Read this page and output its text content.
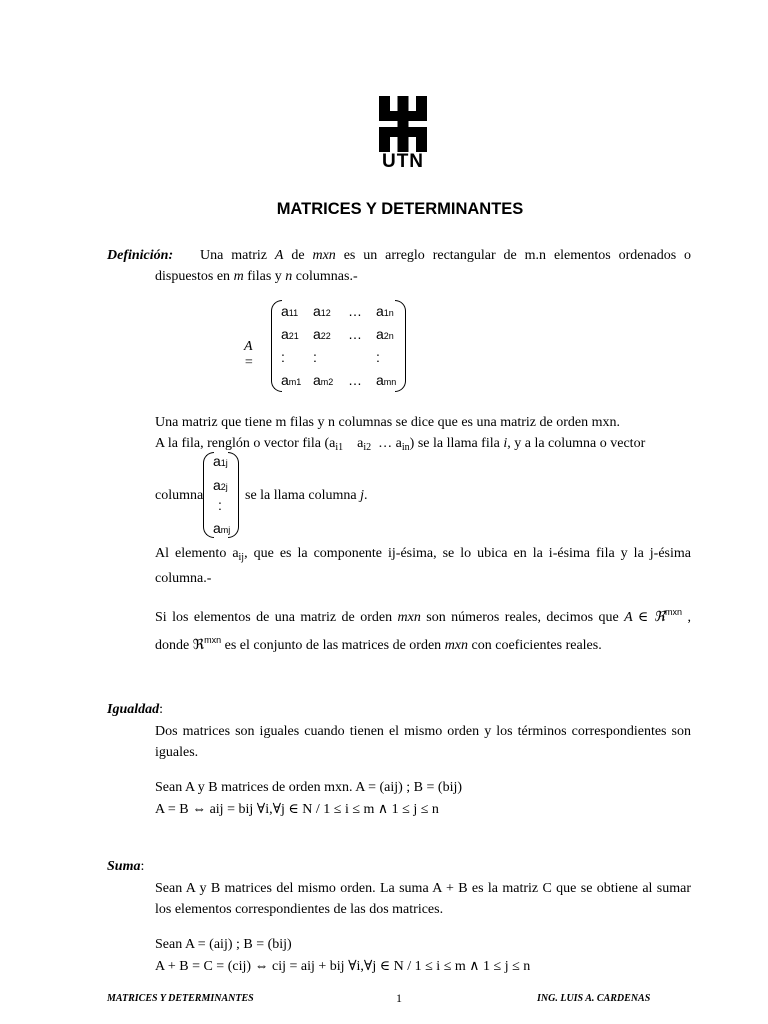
UTN
MATRICES Y DETERMINANTES
Definición:	Una matriz A de mxn es un arreglo rectangular de m.n elementos ordenados o dispuestos en m filas y n columnas.-
A =
a11 a12 … a1n
a21 a22 … a2n
: :	:
am1 am2 … amn
Una matriz que tiene m filas y n columnas se dice que es una matriz de orden mxn.
A la fila, renglón o vector fila ($a_{i1}$    $a_{i2}$ … $a_{in}$) se la llama fila i, y a la columna o vector
columna
a1j
a2j
:
amj
se la llama columna j.
Al elemento $a_{ij}$, que es la componente ij-ésima, se lo ubica en la i-ésima fila y la j-ésima columna.-
Si los elementos de una matriz de orden mxn son números reales, decimos que A ∈ ℜ$^{mxn}$ , donde ℜ$^{mxn}$ es el conjunto de las matrices de orden mxn con coeficientes reales.
Igualdad:
Dos matrices son iguales cuando tienen el mismo orden y los términos correspondientes son iguales.
Sean A y B matrices de orden mxn. A = (aij) ; B = (bij)
A = B ⇔ aij = bij ∀i,∀j ∈ N / 1 ≤ i ≤ m ∧ 1 ≤ j ≤ n
Suma:
Sean A y B matrices del mismo orden. La suma A + B es la matriz C que se obtiene al sumar los elementos correspondientes de las dos matrices.
Sean A = (aij) ; B = (bij)
A + B = C = (cij) ⇔ cij = aij + bij ∀i,∀j ∈ N / 1 ≤ i ≤ m ∧ 1 ≤ j ≤ n
MATRICES Y DETERMINANTES	1	ING. LUIS A. CARDENAS
